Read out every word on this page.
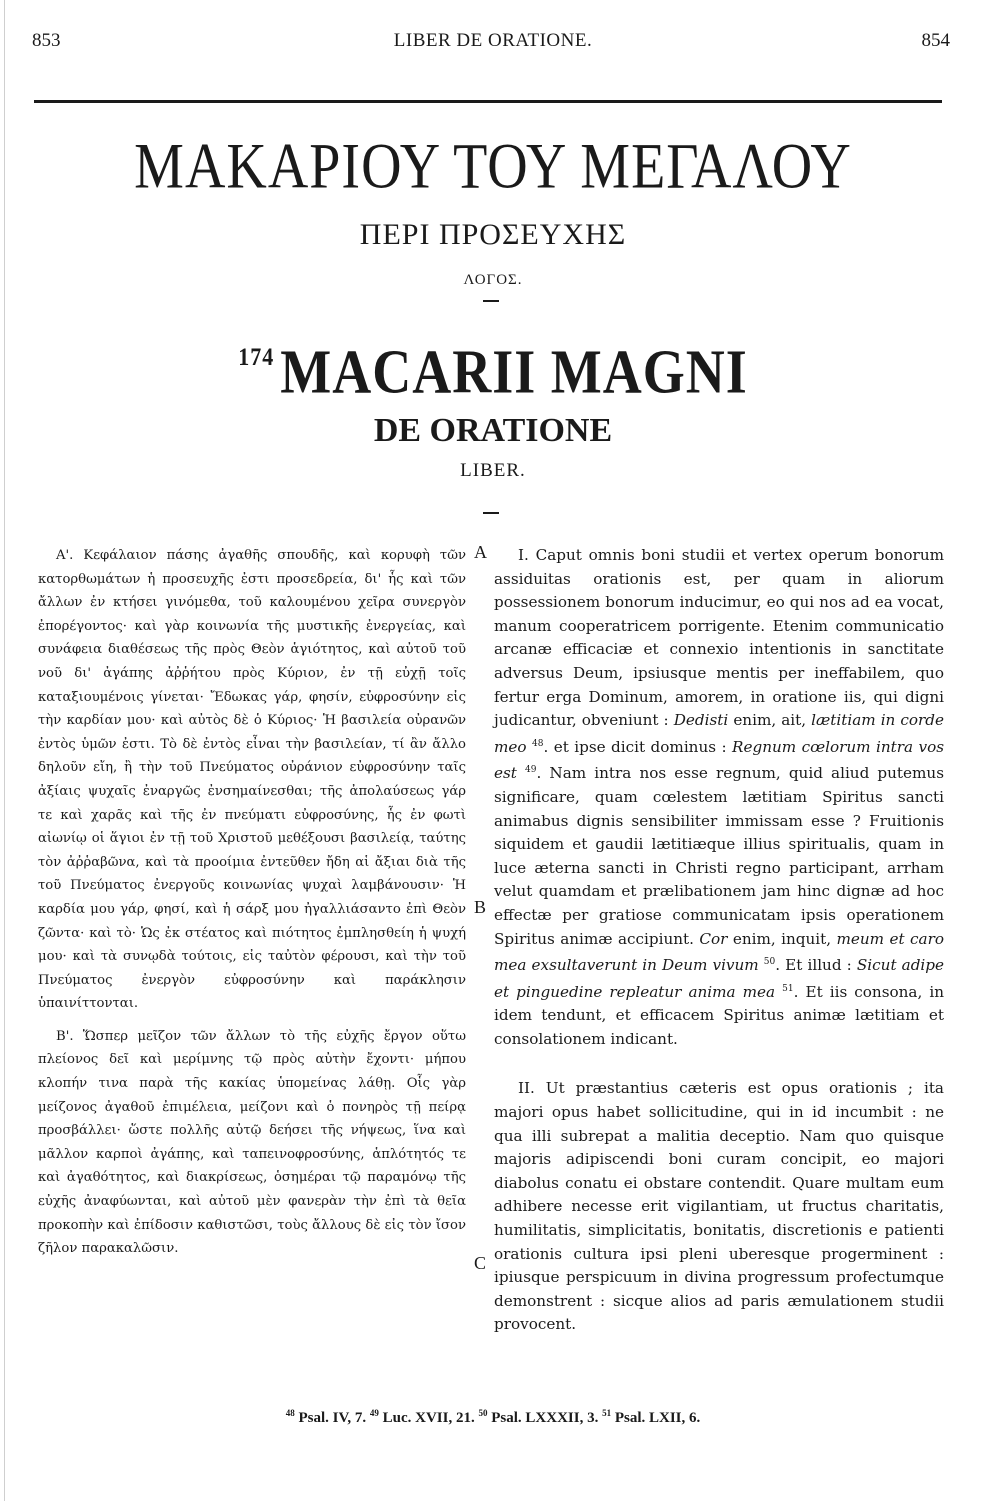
853	LIBER DE ORATIONE.	854
ΜΑΚΑΡΙΟΥ ΤΟΥ ΜΕΓΑΛΟΥ
ΠΕΡΙ ΠΡΟΣΕΥΧΗΣ
ΛΟΓΟΣ.
$^{174}$ MACARII MAGNI
DE ORATIONE
LIBER.

Α'. Κεφάλαιον πάσης ἀγαθῆς σπουδῆς, καὶ κορυφὴ τῶν κατορθωμάτων ἡ προσευχῆς ἐστι προσεδρεία, δι' ἧς καὶ τῶν ἄλλων ἐν κτήσει γινόμεθα, τοῦ καλουμένου χεῖρα συνεργὸν ἐπορέγοντος· καὶ γὰρ κοινωνία τῆς μυστικῆς ἐνεργείας, καὶ συνάφεια διαθέσεως τῆς πρὸς Θεὸν ἁγιότητος, καὶ αὐτοῦ τοῦ νοῦ δι' ἀγάπης ἀῤῥήτου πρὸς Κύριον, ἐν τῇ εὐχῇ τοῖς καταξιουμένοις γίνεται· Ἔδωκας γάρ, φησίν, εὐφροσύνην εἰς τὴν καρδίαν μου· καὶ αὐτὸς δὲ ὁ Κύριος· Ἡ βασιλεία οὐρανῶν ἐντὸς ὑμῶν ἐστι. Τὸ δὲ ἐντὸς εἶναι τὴν βασιλείαν, τί ἂν ἄλλο δηλοῦν εἴη, ἢ τὴν τοῦ Πνεύματος οὐράνιον εὐφροσύνην ταῖς ἀξίαις ψυχαῖς ἐναργῶς ἐνσημαίνεσθαι; τῆς ἀπολαύσεως γάρ τε καὶ χαρᾶς καὶ τῆς ἐν πνεύματι εὐφροσύνης, ἧς ἐν φωτὶ αἰωνίῳ οἱ ἅγιοι ἐν τῇ τοῦ Χριστοῦ μεθέξουσι βασιλείᾳ, ταύτης τὸν ἀῤῥαβῶνα, καὶ τὰ προοίμια ἐντεῦθεν ἤδη αἱ ἄξιαι διὰ τῆς τοῦ Πνεύματος ἐνεργοῦς κοινωνίας ψυχαὶ λαμβάνουσιν· Ἡ καρδία μου γάρ, φησί, καὶ ἡ σάρξ μου ἠγαλλιάσαντο ἐπὶ Θεὸν ζῶντα· καὶ τὸ· Ὡς ἐκ στέατος καὶ πιότητος ἐμπλησθείη ἡ ψυχή μου· καὶ τὰ συνῳδὰ τούτοις, εἰς ταὐτὸν φέρουσι, καὶ τὴν τοῦ Πνεύματος ἐνεργὸν εὐφροσύνην καὶ παράκλησιν ὑπαινίττονται.

Β'. Ὥσπερ μεῖζον τῶν ἄλλων τὸ τῆς εὐχῆς ἔργον οὕτω πλείονος δεῖ καὶ μερίμνης τῷ πρὸς αὐτὴν ἔχοντι· μήπου κλοπήν τινα παρὰ τῆς κακίας ὑπομείνας λάθῃ. Οἷς γὰρ μείζονος ἀγαθοῦ ἐπιμέλεια, μείζονι καὶ ὁ πονηρὸς τῇ πείρᾳ προσβάλλει· ὥστε πολλῆς αὐτῷ δεήσει τῆς νήψεως, ἵνα καὶ μᾶλλον καρποὶ ἀγάπης, καὶ ταπεινοφροσύνης, ἁπλότητός τε καὶ ἀγαθότητος, καὶ διακρίσεως, ὁσημέραι τῷ παραμόνῳ τῆς εὐχῆς ἀναφύωνται, καὶ αὐτοῦ μὲν φανερὰν τὴν ἐπὶ τὰ θεῖα προκοπὴν καὶ ἐπίδοσιν καθιστῶσι, τοὺς ἄλλους δὲ εἰς τὸν ἴσον ζῆλον παρακαλῶσιν.

A
B
C

I. Caput omnis boni studii et vertex operum bonorum assiduitas orationis est, per quam in aliorum possessionem bonorum inducimur, eo qui nos ad ea vocat, manum cooperatricem porrigente. Etenim communicatio arcanæ efficaciæ et connexio intentionis in sanctitate adversus Deum, ipsiusque mentis per ineffabilem, quo fertur erga Dominum, amorem, in oratione iis, qui digni judicantur, obveniunt : Dedisti enim, ait, lætitiam in corde meo $^{48}$. et ipse dicit dominus : Regnum cœlorum intra vos est $^{49}$. Nam intra nos esse regnum, quid aliud putemus significare, quam cœlestem lætitiam Spiritus sancti animabus dignis sensibiliter immissam esse ? Fruitionis siquidem et gaudii lætitiæque illius spiritualis, quam in luce æterna sancti in Christi regno participant, arrham velut quamdam et prælibationem jam hinc dignæ ad hoc effectæ per gratiose communicatam ipsis operationem Spiritus animæ accipiunt. Cor enim, inquit, meum et caro mea exsultaverunt in Deum vivum $^{50}$. Et illud : Sicut adipe et pinguedine repleatur anima mea $^{51}$. Et iis consona, in idem tendunt, et efficacem Spiritus animæ lætitiam et consolationem indicant.

II. Ut præstantius cæteris est opus orationis ; ita majori opus habet sollicitudine, qui in id incumbit : ne qua illi subrepat a malitia deceptio. Nam quo quisque majoris adipiscendi boni curam concipit, eo majori diabolus conatu ei obstare contendit. Quare multam eum adhibere necesse erit vigilantiam, ut fructus charitatis, humilitatis, simplicitatis, bonitatis, discretionis e patienti orationis cultura ipsi pleni uberesque progerminent : ipiusque perspicuum in divina progressum profectumque demonstrent : sicque alios ad paris æmulationem studii provocent.

$^{48}$ Psal. IV, 7. $^{49}$ Luc. XVII, 21. $^{50}$ Psal. LXXXII, 3. $^{51}$ Psal. LXII, 6.
